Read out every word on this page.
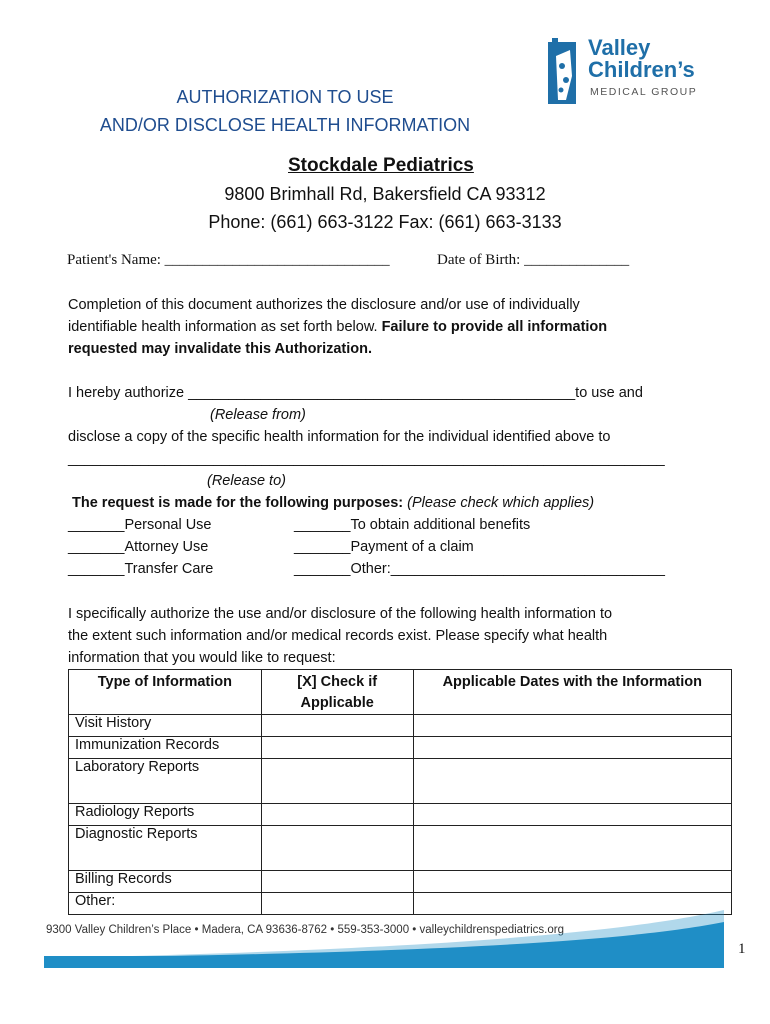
Valley
Children’s
MEDICAL GROUP
AUTHORIZATION TO USE
AND/OR DISCLOSE HEALTH INFORMATION
Stockdale Pediatrics
9800 Brimhall Rd, Bakersfield CA 93312
Phone: (661) 663-3122 Fax: (661) 663-3133
Patient's Name: ______________________________	Date of Birth: ______________
Completion of this document authorizes the disclosure and/or use of individually
identifiable health information as set forth below. Failure to provide all information
requested may invalidate this Authorization.
I hereby authorize ________________________________________________to use and
(Release from)
disclose a copy of the specific health information for the individual identified above to
__________________________________________________________________________
(Release to)
The request is made for the following purposes: (Please check which applies)
_______Personal Use
_______Attorney Use
_______Transfer Care
_______To obtain additional benefits
_______Payment of a claim
_______Other:__________________________________
I specifically authorize the use and/or disclosure of the following health information to
the extent such information and/or medical records exist. Please specify what health
information that you would like to request:
Type of Information	[X] Check if Applicable	Applicable Dates with the Information
Visit History		
Immunization Records		
Laboratory Reports		
Radiology Reports		
Diagnostic Reports		
Billing Records		
Other:		
9300 Valley Children’s Place • Madera, CA 93636-8762 • 559-353-3000 • valleychildrenspediatrics.org
1
